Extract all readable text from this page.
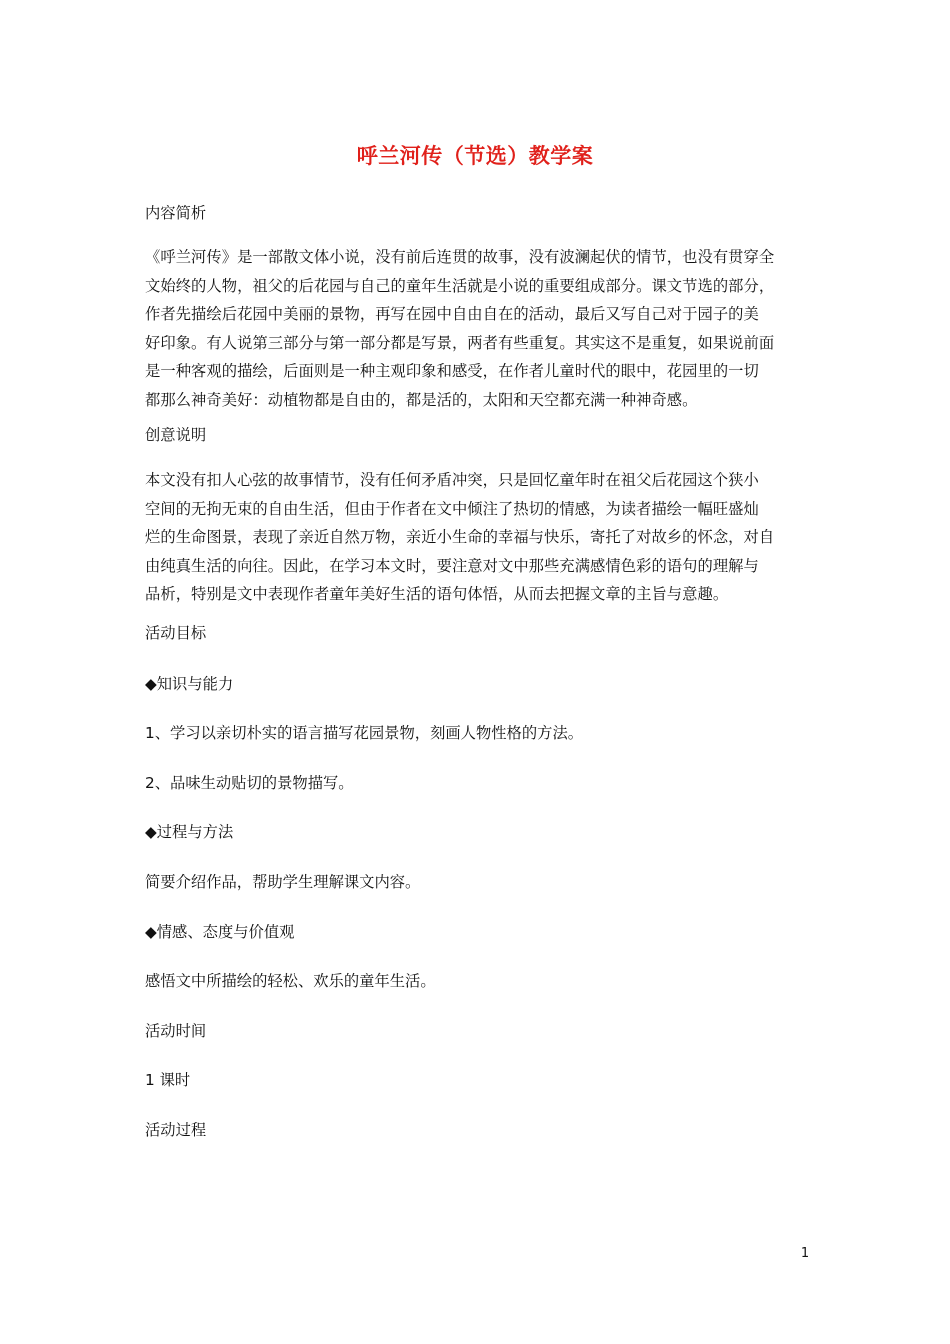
呼兰河传（节选）教学案
内容简析
《呼兰河传》是一部散文体小说，没有前后连贯的故事，没有波澜起伏的情节，也没有贯穿全
文始终的人物，祖父的后花园与自己的童年生活就是小说的重要组成部分。课文节选的部分，
作者先描绘后花园中美丽的景物，再写在园中自由自在的活动，最后又写自己对于园子的美
好印象。有人说第三部分与第一部分都是写景，两者有些重复。其实这不是重复，如果说前面
是一种客观的描绘，后面则是一种主观印象和感受，在作者儿童时代的眼中，花园里的一切
都那么神奇美好：动植物都是自由的，都是活的，太阳和天空都充满一种神奇感。
创意说明
本文没有扣人心弦的故事情节，没有任何矛盾冲突，只是回忆童年时在祖父后花园这个狭小
空间的无拘无束的自由生活，但由于作者在文中倾注了热切的情感，为读者描绘一幅旺盛灿
烂的生命图景，表现了亲近自然万物，亲近小生命的幸福与快乐，寄托了对故乡的怀念，对自
由纯真生活的向往。因此，在学习本文时，要注意对文中那些充满感情色彩的语句的理解与
品析，特别是文中表现作者童年美好生活的语句体悟，从而去把握文章的主旨与意趣。
活动目标
◆知识与能力
1、学习以亲切朴实的语言描写花园景物，刻画人物性格的方法。
2、品味生动贴切的景物描写。
◆过程与方法
简要介绍作品，帮助学生理解课文内容。
◆情感、态度与价值观
感悟文中所描绘的轻松、欢乐的童年生活。
活动时间
1 课时
活动过程
1
